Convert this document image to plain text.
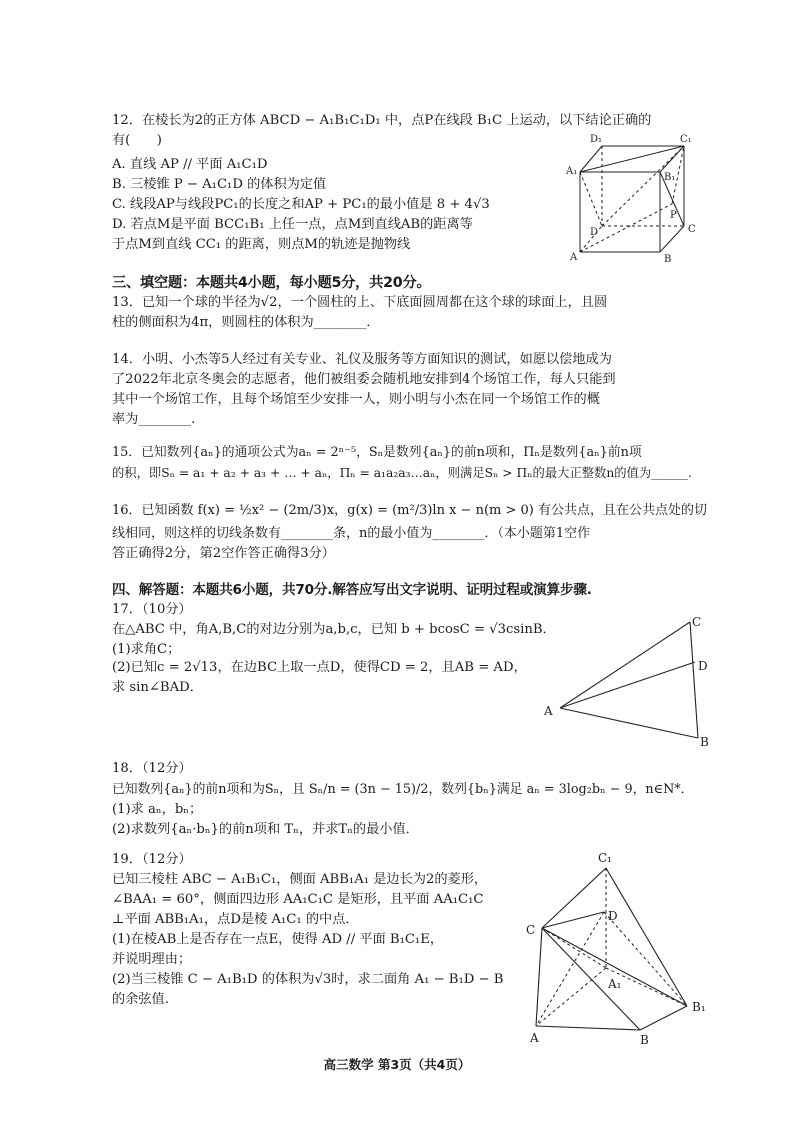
12．在棱长为2的正方体 ABCD − A₁B₁C₁D₁ 中，点P在线段 B₁C 上运动，以下结论正确的
有(　　)
A. 直线 AP // 平面 A₁C₁D
B. 三棱锥 P − A₁C₁D 的体积为定值
C. 线段AP与线段PC₁的长度之和AP + PC₁的最小值是 8 + 4√3
D. 若点M是平面 BCC₁B₁ 上任一点，点M到直线AB的距离等
于点M到直线 CC₁ 的距离，则点M的轨迹是抛物线
D₁	C₁
A₁
B₁
D
P
C
A	B
三、填空题：本题共4小题，每小题5分，共20分。
13．已知一个球的半径为√2，一个圆柱的上、下底面圆周都在这个球的球面上，且圆
柱的侧面积为4π，则圆柱的体积为________．
14．小明、小杰等5人经过有关专业、礼仪及服务等方面知识的测试，如愿以偿地成为
了2022年北京冬奥会的志愿者，他们被组委会随机地安排到4个场馆工作，每人只能到
其中一个场馆工作，且每个场馆至少安排一人，则小明与小杰在同一个场馆工作的概
率为________.
15．已知数列{aₙ}的通项公式为aₙ = 2ⁿ⁻⁵，Sₙ是数列{aₙ}的前n项和，Πₙ是数列{aₙ}前n项
的积，即Sₙ = a₁ + a₂ + a₃ + … + aₙ，Πₙ = a₁a₂a₃…aₙ，则满足Sₙ > Πₙ的最大正整数n的值为______.
16．已知函数 f(x) = ½x² − (2m/3)x，g(x) = (m²/3)ln x − n(m > 0) 有公共点，且在公共点处的切
线相同，则这样的切线条数有________条，n的最小值为________．（本小题第1空作
答正确得2分，第2空作答正确得3分）
四、解答题：本题共6小题，共70分.解答应写出文字说明、证明过程或演算步骤.
17．（10分）
在△ABC 中，角A,B,C的对边分别为a,b,c，已知 b + bcosC = √3csinB．
(1)求角C；
(2)已知c = 2√13，在边BC上取一点D，使得CD = 2，且AB = AD，
求 sin∠BAD．
C
D
A
B
18．（12分）
已知数列{aₙ}的前n项和为Sₙ，且 Sₙ/n = (3n − 15)/2，数列{bₙ}满足 aₙ = 3log₂bₙ − 9，n∈N*．
(1)求 aₙ，bₙ；
(2)求数列{aₙ·bₙ}的前n项和 Tₙ，并求Tₙ的最小值．
19．（12分）
已知三棱柱 ABC − A₁B₁C₁，侧面 ABB₁A₁ 是边长为2的菱形，
∠BAA₁ = 60°，侧面四边形 AA₁C₁C 是矩形，且平面 AA₁C₁C
⊥平面 ABB₁A₁，点D是棱 A₁C₁ 的中点．
(1)在棱AB上是否存在一点E，使得 AD // 平面 B₁C₁E，
并说明理由；
(2)当三棱锥 C − A₁B₁D 的体积为√3时，求二面角 A₁ − B₁D − B
的余弦值.
C₁
D
C
A₁
B₁
A	B
高三数学 第3页（共4页）
